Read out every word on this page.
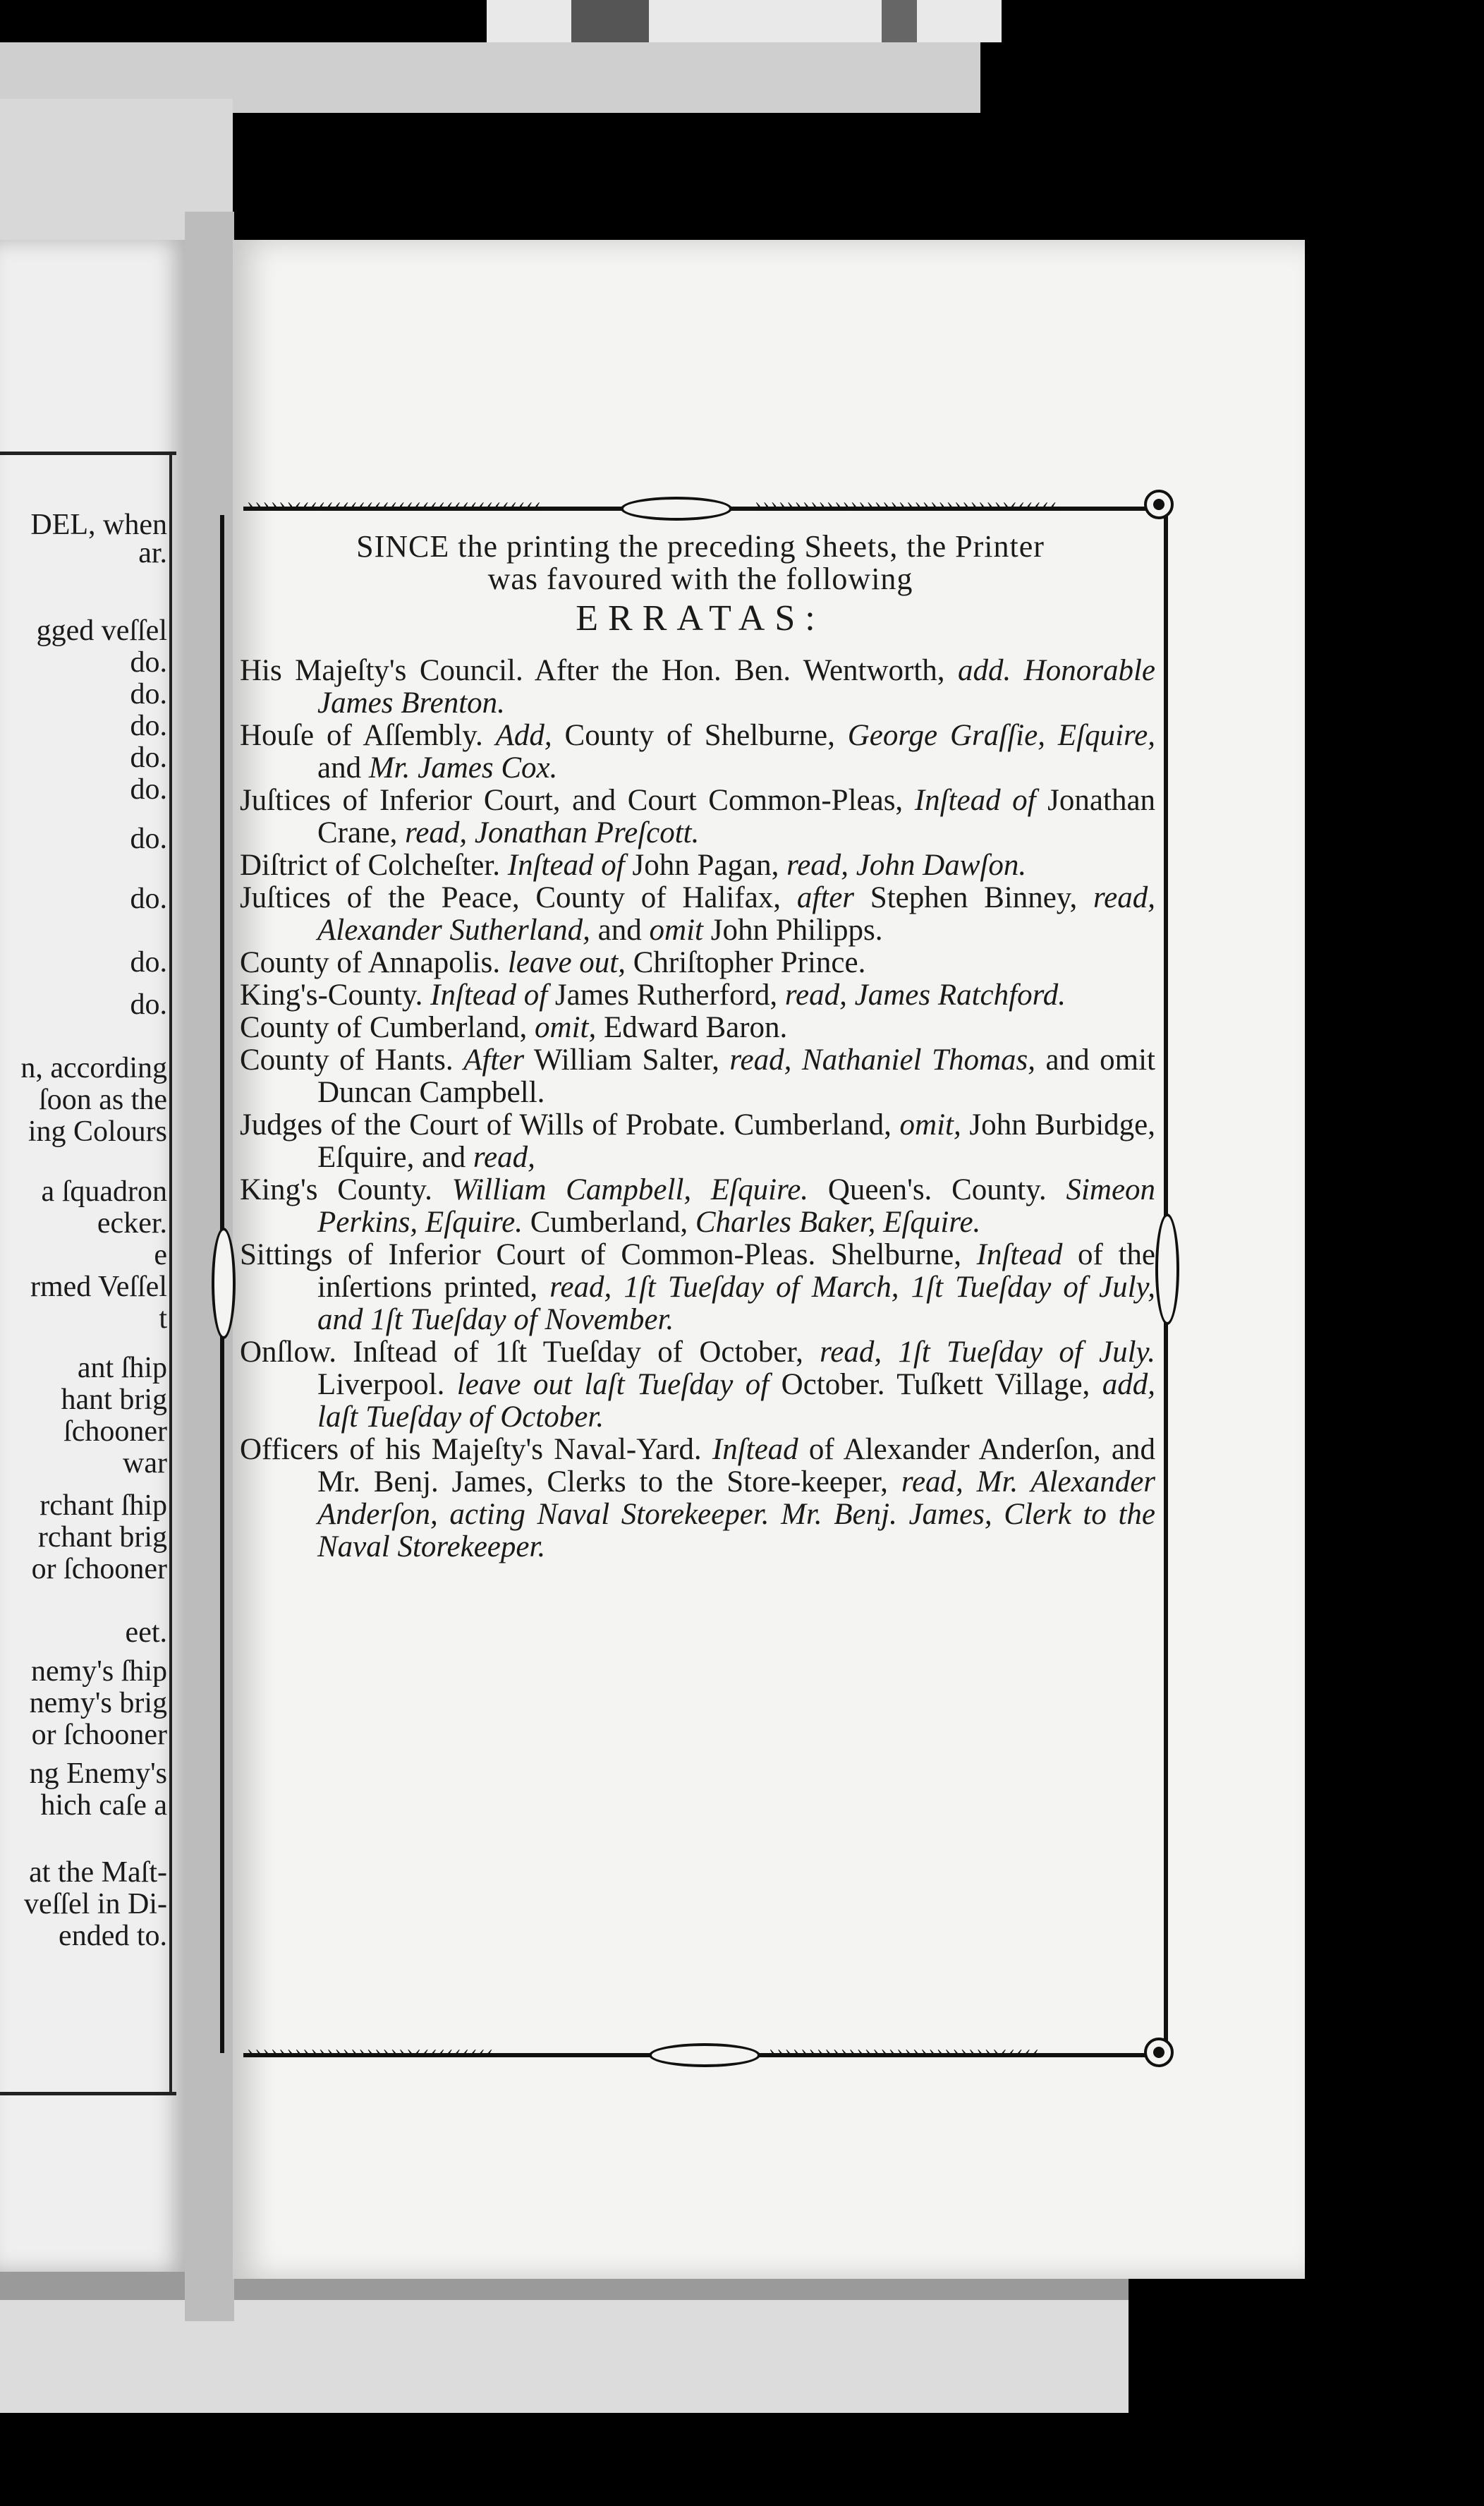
DEL, when
ar.
gged veſſel
do.
do.
do.
do.
do.
do.
do.
do.
do.
n, according
ſoon as the
ing Colours
a ſquadron
ecker.
e
rmed Veſſel
t
ant ſhip
hant brig
ſchooner
war
rchant ſhip
rchant brig
or ſchooner
eet.
nemy's ſhip
nemy's brig
or ſchooner
ng Enemy's
hich caſe a
at the Maſt-
veſſel in Di-
ended to.
››››››‹‹‹‹‹‹‹‹‹‹‹‹‹‹‹‹‹‹‹‹‹‹‹‹‹‹‹‹‹‹‹	››››››››››››››››››››››››››››››››‹‹‹‹‹‹
›››››››››››››››››››››‹‹‹‹‹‹‹‹‹‹	›››››››››››››››››››››››››››››‹‹‹‹‹
SINCE the printing the preceding Sheets, the Printer
was favoured with the following
ERRATAS:
His Majeſty's Council. After the Hon. Ben. Wentworth, add. Honorable James Brenton.
Houſe of Aſſembly. Add, County of Shelburne, George Graſſie, Eſquire, and Mr. James Cox.
Juſtices of Inferior Court, and Court Common-Pleas, Inſtead of Jonathan Crane, read, Jonathan Preſcott.
Diſtrict of Colcheſter. Inſtead of John Pagan, read, John Dawſon.
Juſtices of the Peace, County of Halifax, after Stephen Binney, read, Alexander Sutherland, and omit John Philipps.
County of Annapolis. leave out, Chriſtopher Prince.
King's-County. Inſtead of James Rutherford, read, James Ratchford.
County of Cumberland, omit, Edward Baron.
County of Hants. After William Salter, read, Nathaniel Thomas, and omit Duncan Campbell.
Judges of the Court of Wills of Probate. Cumberland, omit, John Burbidge, Eſquire, and read,
King's County. William Campbell, Eſquire. Queen's. County. Simeon Perkins, Eſquire. Cumberland, Charles Baker, Eſquire.
Sittings of Inferior Court of Common-Pleas. Shelburne, Inſtead of the inſertions printed, read, 1ſt Tueſday of March, 1ſt Tueſday of July, and 1ſt Tueſday of November.
Onſlow. Inſtead of 1ſt Tueſday of October, read, 1ſt Tueſday of July. Liverpool. leave out laſt Tueſday of October. Tuſkett Village, add, laſt Tueſday of October.
Officers of his Majeſty's Naval-Yard. Inſtead of Alexander Anderſon, and Mr. Benj. James, Clerks to the Store-keeper, read, Mr. Alexander Anderſon, acting Naval Storekeeper. Mr. Benj. James, Clerk to the Naval Storekeeper.
